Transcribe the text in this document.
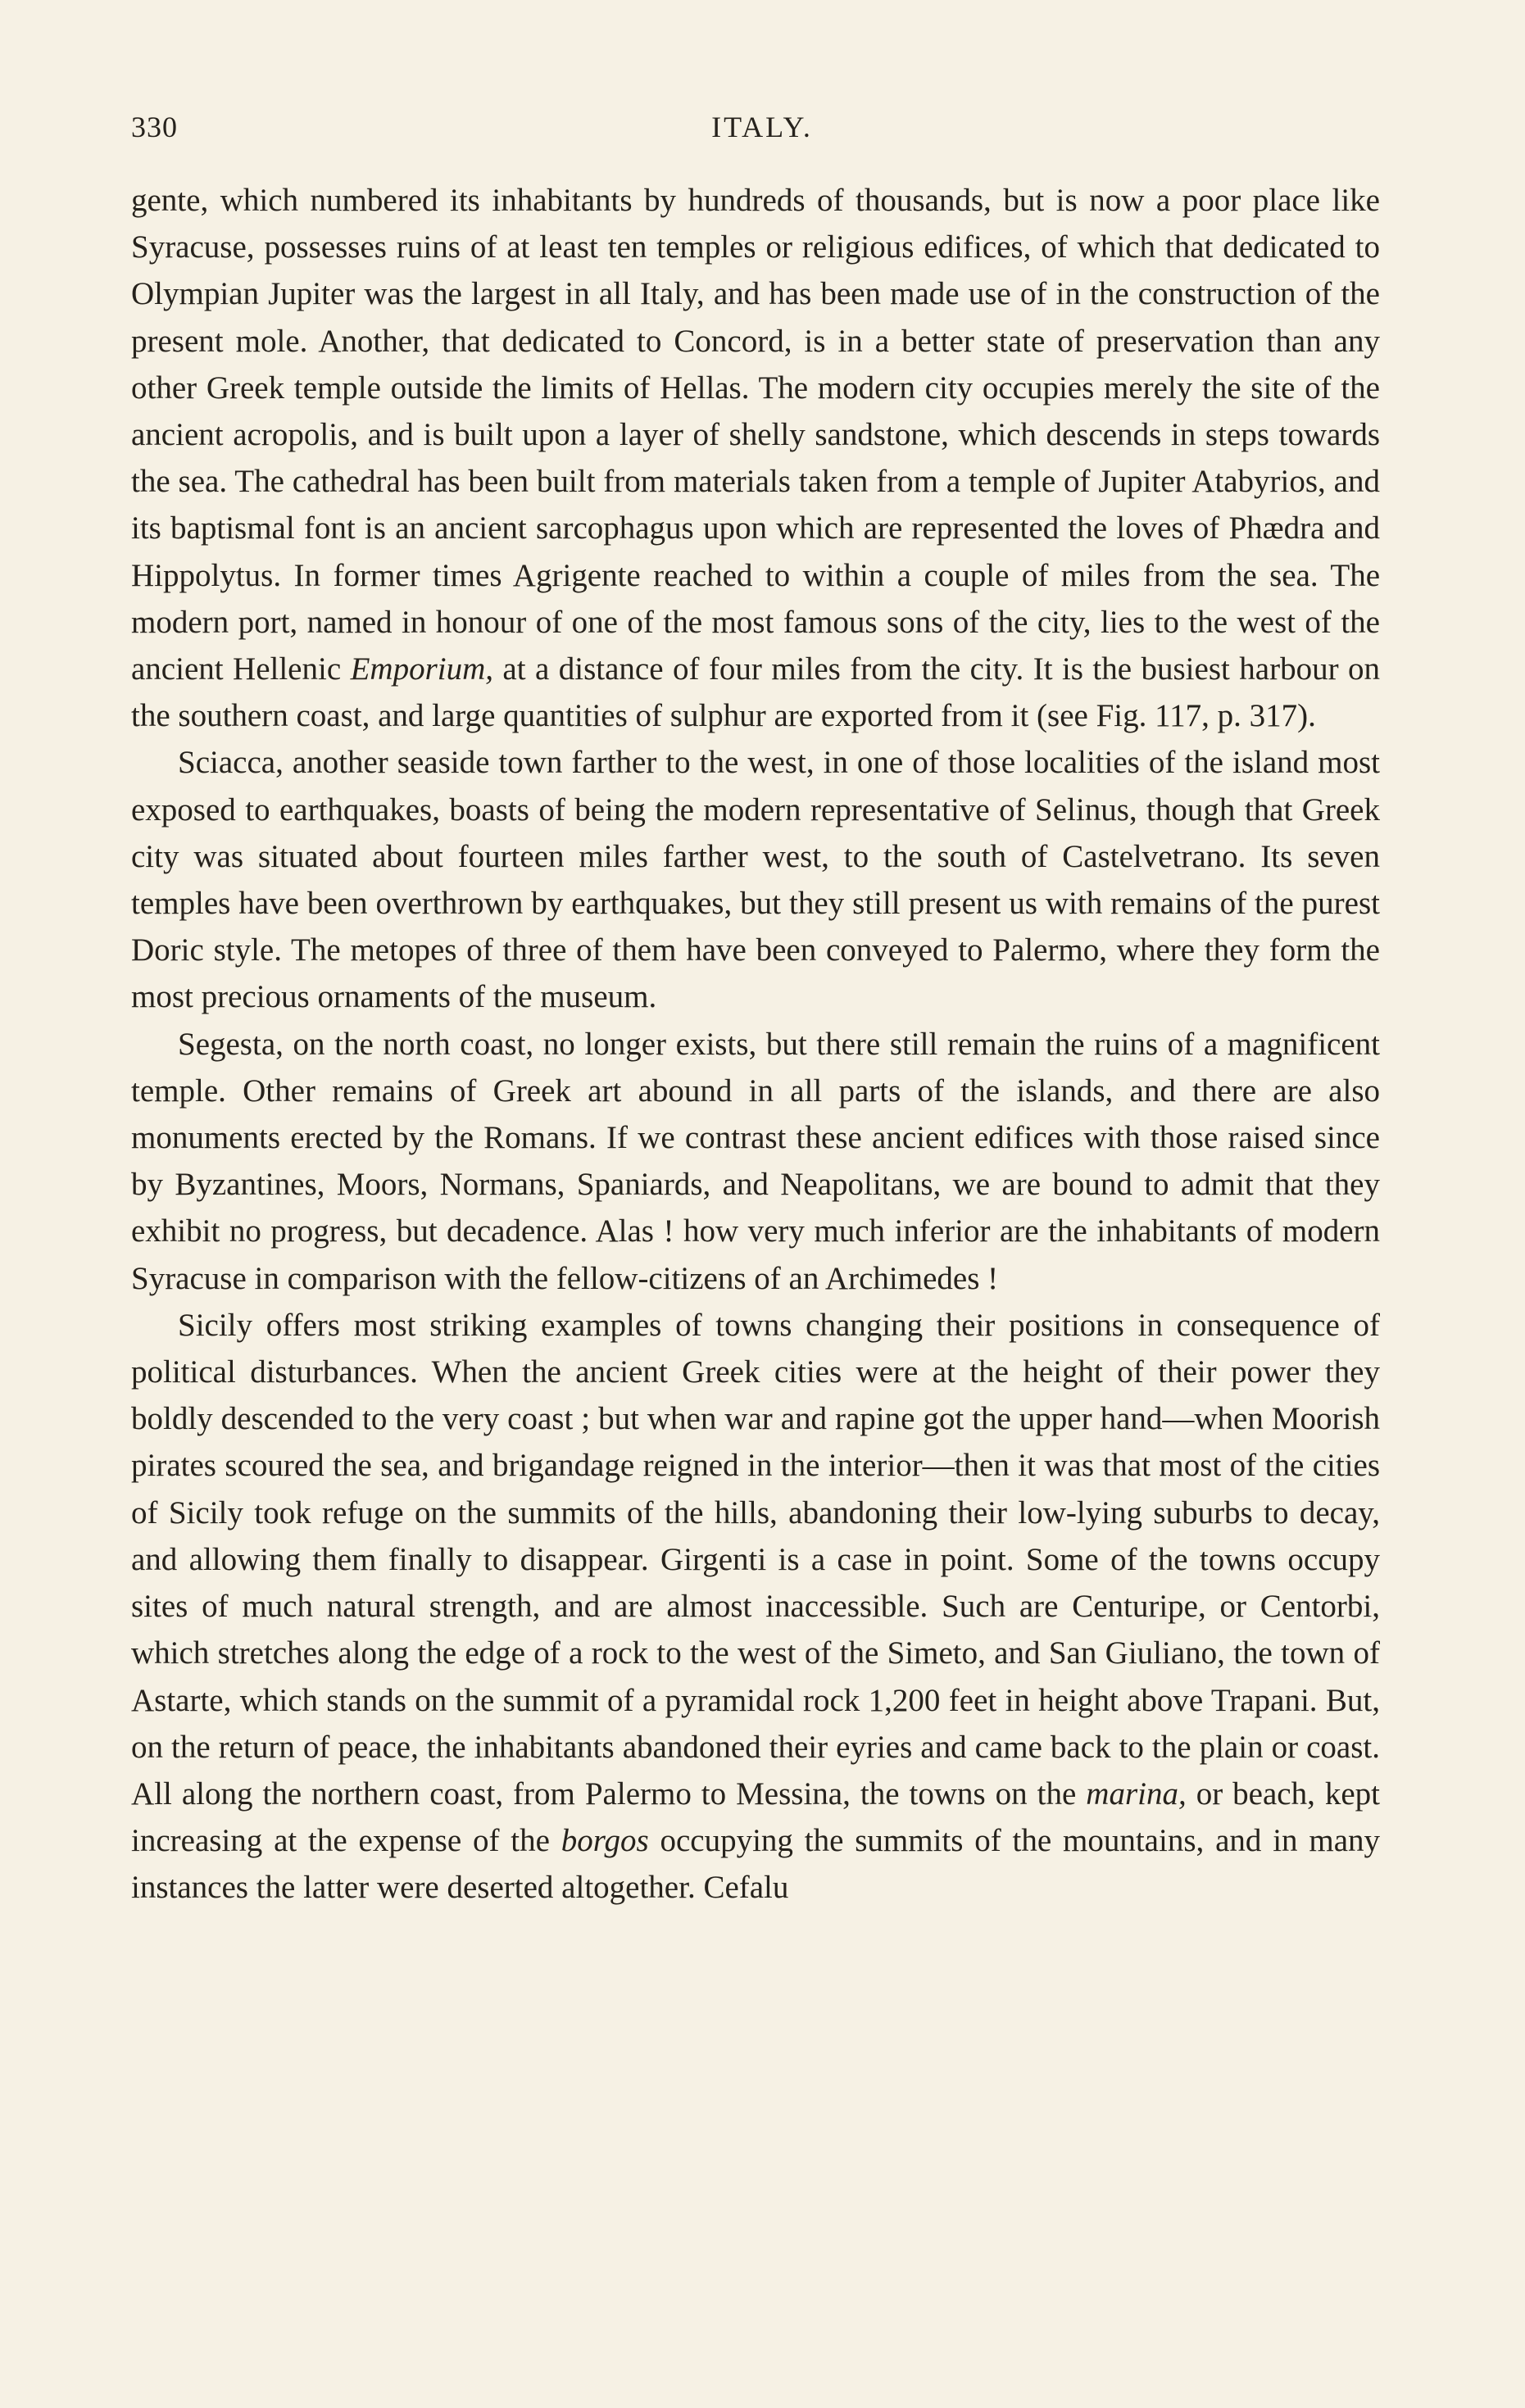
330	ITALY.

gente, which numbered its inhabitants by hundreds of thousands, but is now a poor place like Syracuse, possesses ruins of at least ten temples or religious edifices, of which that dedicated to Olympian Jupiter was the largest in all Italy, and has been made use of in the construction of the present mole. Another, that dedicated to Concord, is in a better state of preservation than any other Greek temple outside the limits of Hellas. The modern city occupies merely the site of the ancient acropolis, and is built upon a layer of shelly sandstone, which descends in steps towards the sea. The cathedral has been built from materials taken from a temple of Jupiter Atabyrios, and its baptismal font is an ancient sarcophagus upon which are represented the loves of Phædra and Hippolytus. In former times Agrigente reached to within a couple of miles from the sea. The modern port, named in honour of one of the most famous sons of the city, lies to the west of the ancient Hellenic Emporium, at a distance of four miles from the city. It is the busiest harbour on the southern coast, and large quantities of sulphur are exported from it (see Fig. 117, p. 317).

Sciacca, another seaside town farther to the west, in one of those localities of the island most exposed to earthquakes, boasts of being the modern representative of Selinus, though that Greek city was situated about fourteen miles farther west, to the south of Castelvetrano. Its seven temples have been overthrown by earthquakes, but they still present us with remains of the purest Doric style. The metopes of three of them have been conveyed to Palermo, where they form the most precious ornaments of the museum.

Segesta, on the north coast, no longer exists, but there still remain the ruins of a magnificent temple. Other remains of Greek art abound in all parts of the islands, and there are also monuments erected by the Romans. If we contrast these ancient edifices with those raised since by Byzantines, Moors, Normans, Spaniards, and Neapolitans, we are bound to admit that they exhibit no progress, but decadence. Alas ! how very much inferior are the inhabitants of modern Syracuse in comparison with the fellow-citizens of an Archimedes !

Sicily offers most striking examples of towns changing their positions in consequence of political disturbances. When the ancient Greek cities were at the height of their power they boldly descended to the very coast ; but when war and rapine got the upper hand—when Moorish pirates scoured the sea, and brigandage reigned in the interior—then it was that most of the cities of Sicily took refuge on the summits of the hills, abandoning their low-lying suburbs to decay, and allowing them finally to disappear. Girgenti is a case in point. Some of the towns occupy sites of much natural strength, and are almost inaccessible. Such are Centuripe, or Centorbi, which stretches along the edge of a rock to the west of the Simeto, and San Giuliano, the town of Astarte, which stands on the summit of a pyramidal rock 1,200 feet in height above Trapani. But, on the return of peace, the inhabitants abandoned their eyries and came back to the plain or coast. All along the northern coast, from Palermo to Messina, the towns on the marina, or beach, kept increasing at the expense of the borgos occupying the summits of the mountains, and in many instances the latter were deserted altogether. Cefalu
